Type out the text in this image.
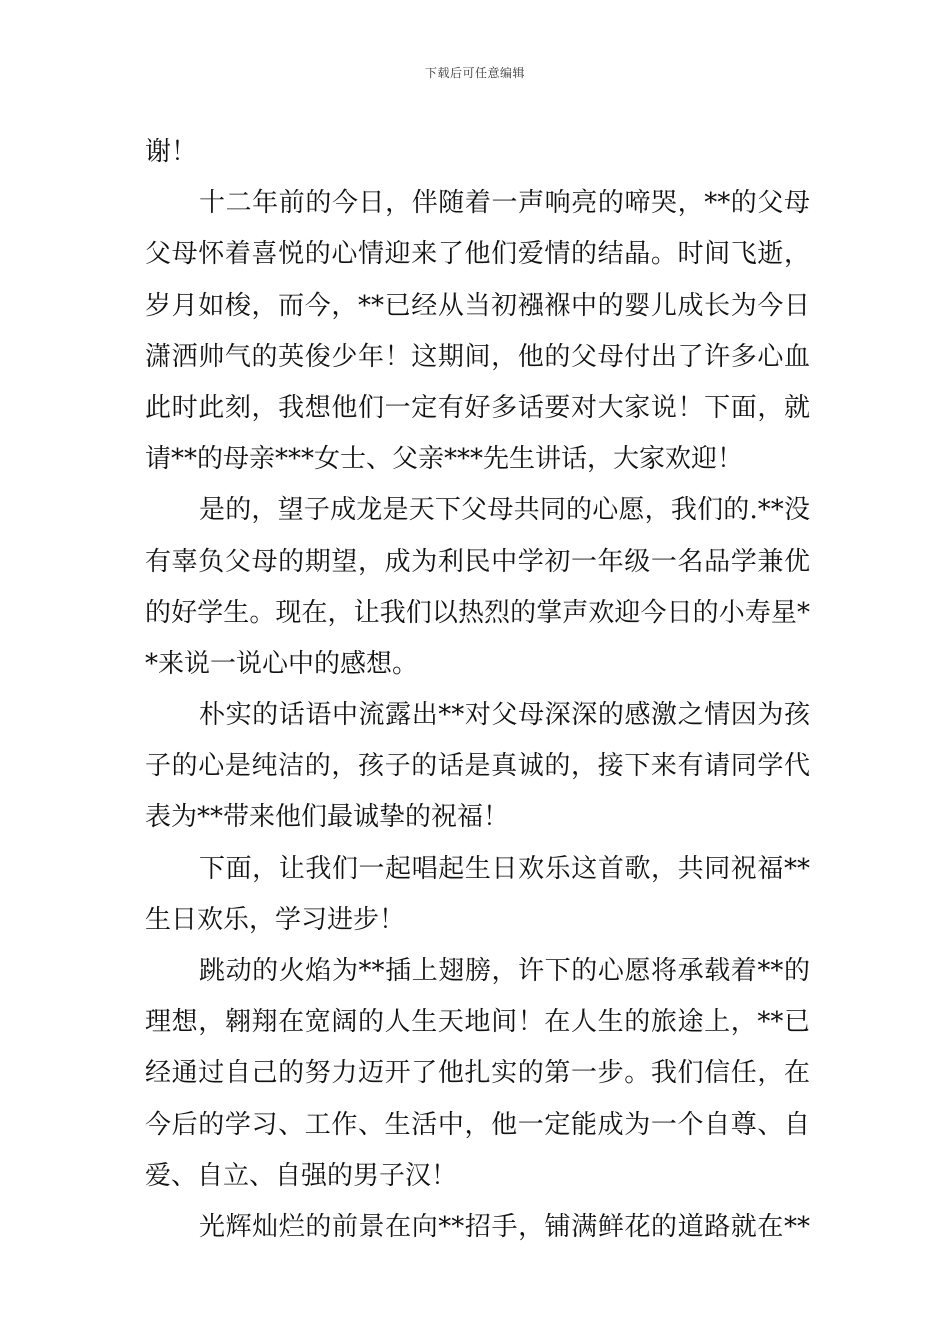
下载后可任意编辑
谢！
十二年前的今日，伴随着一声响亮的啼哭，**的父母
父母怀着喜悦的心情迎来了他们爱情的结晶。时间飞逝，
岁月如梭，而今，**已经从当初襁褓中的婴儿成长为今日
潇洒帅气的英俊少年！这期间，他的父母付出了许多心血
此时此刻，我想他们一定有好多话要对大家说！下面，就
请**的母亲***女士、父亲***先生讲话，大家欢迎！
是的，望子成龙是天下父母共同的心愿，我们的.**没
有辜负父母的期望，成为利民中学初一年级一名品学兼优
的好学生。现在，让我们以热烈的掌声欢迎今日的小寿星*
*来说一说心中的感想。
朴实的话语中流露出**对父母深深的感激之情因为孩
子的心是纯洁的，孩子的话是真诚的，接下来有请同学代
表为**带来他们最诚挚的祝福！
下面，让我们一起唱起生日欢乐这首歌，共同祝福**
生日欢乐，学习进步！
跳动的火焰为**插上翅膀，许下的心愿将承载着**的
理想，翱翔在宽阔的人生天地间！在人生的旅途上，**已
经通过自己的努力迈开了他扎实的第一步。我们信任，在
今后的学习、工作、生活中，他一定能成为一个自尊、自
爱、自立、自强的男子汉！
光辉灿烂的前景在向**招手，铺满鲜花的道路就在**
